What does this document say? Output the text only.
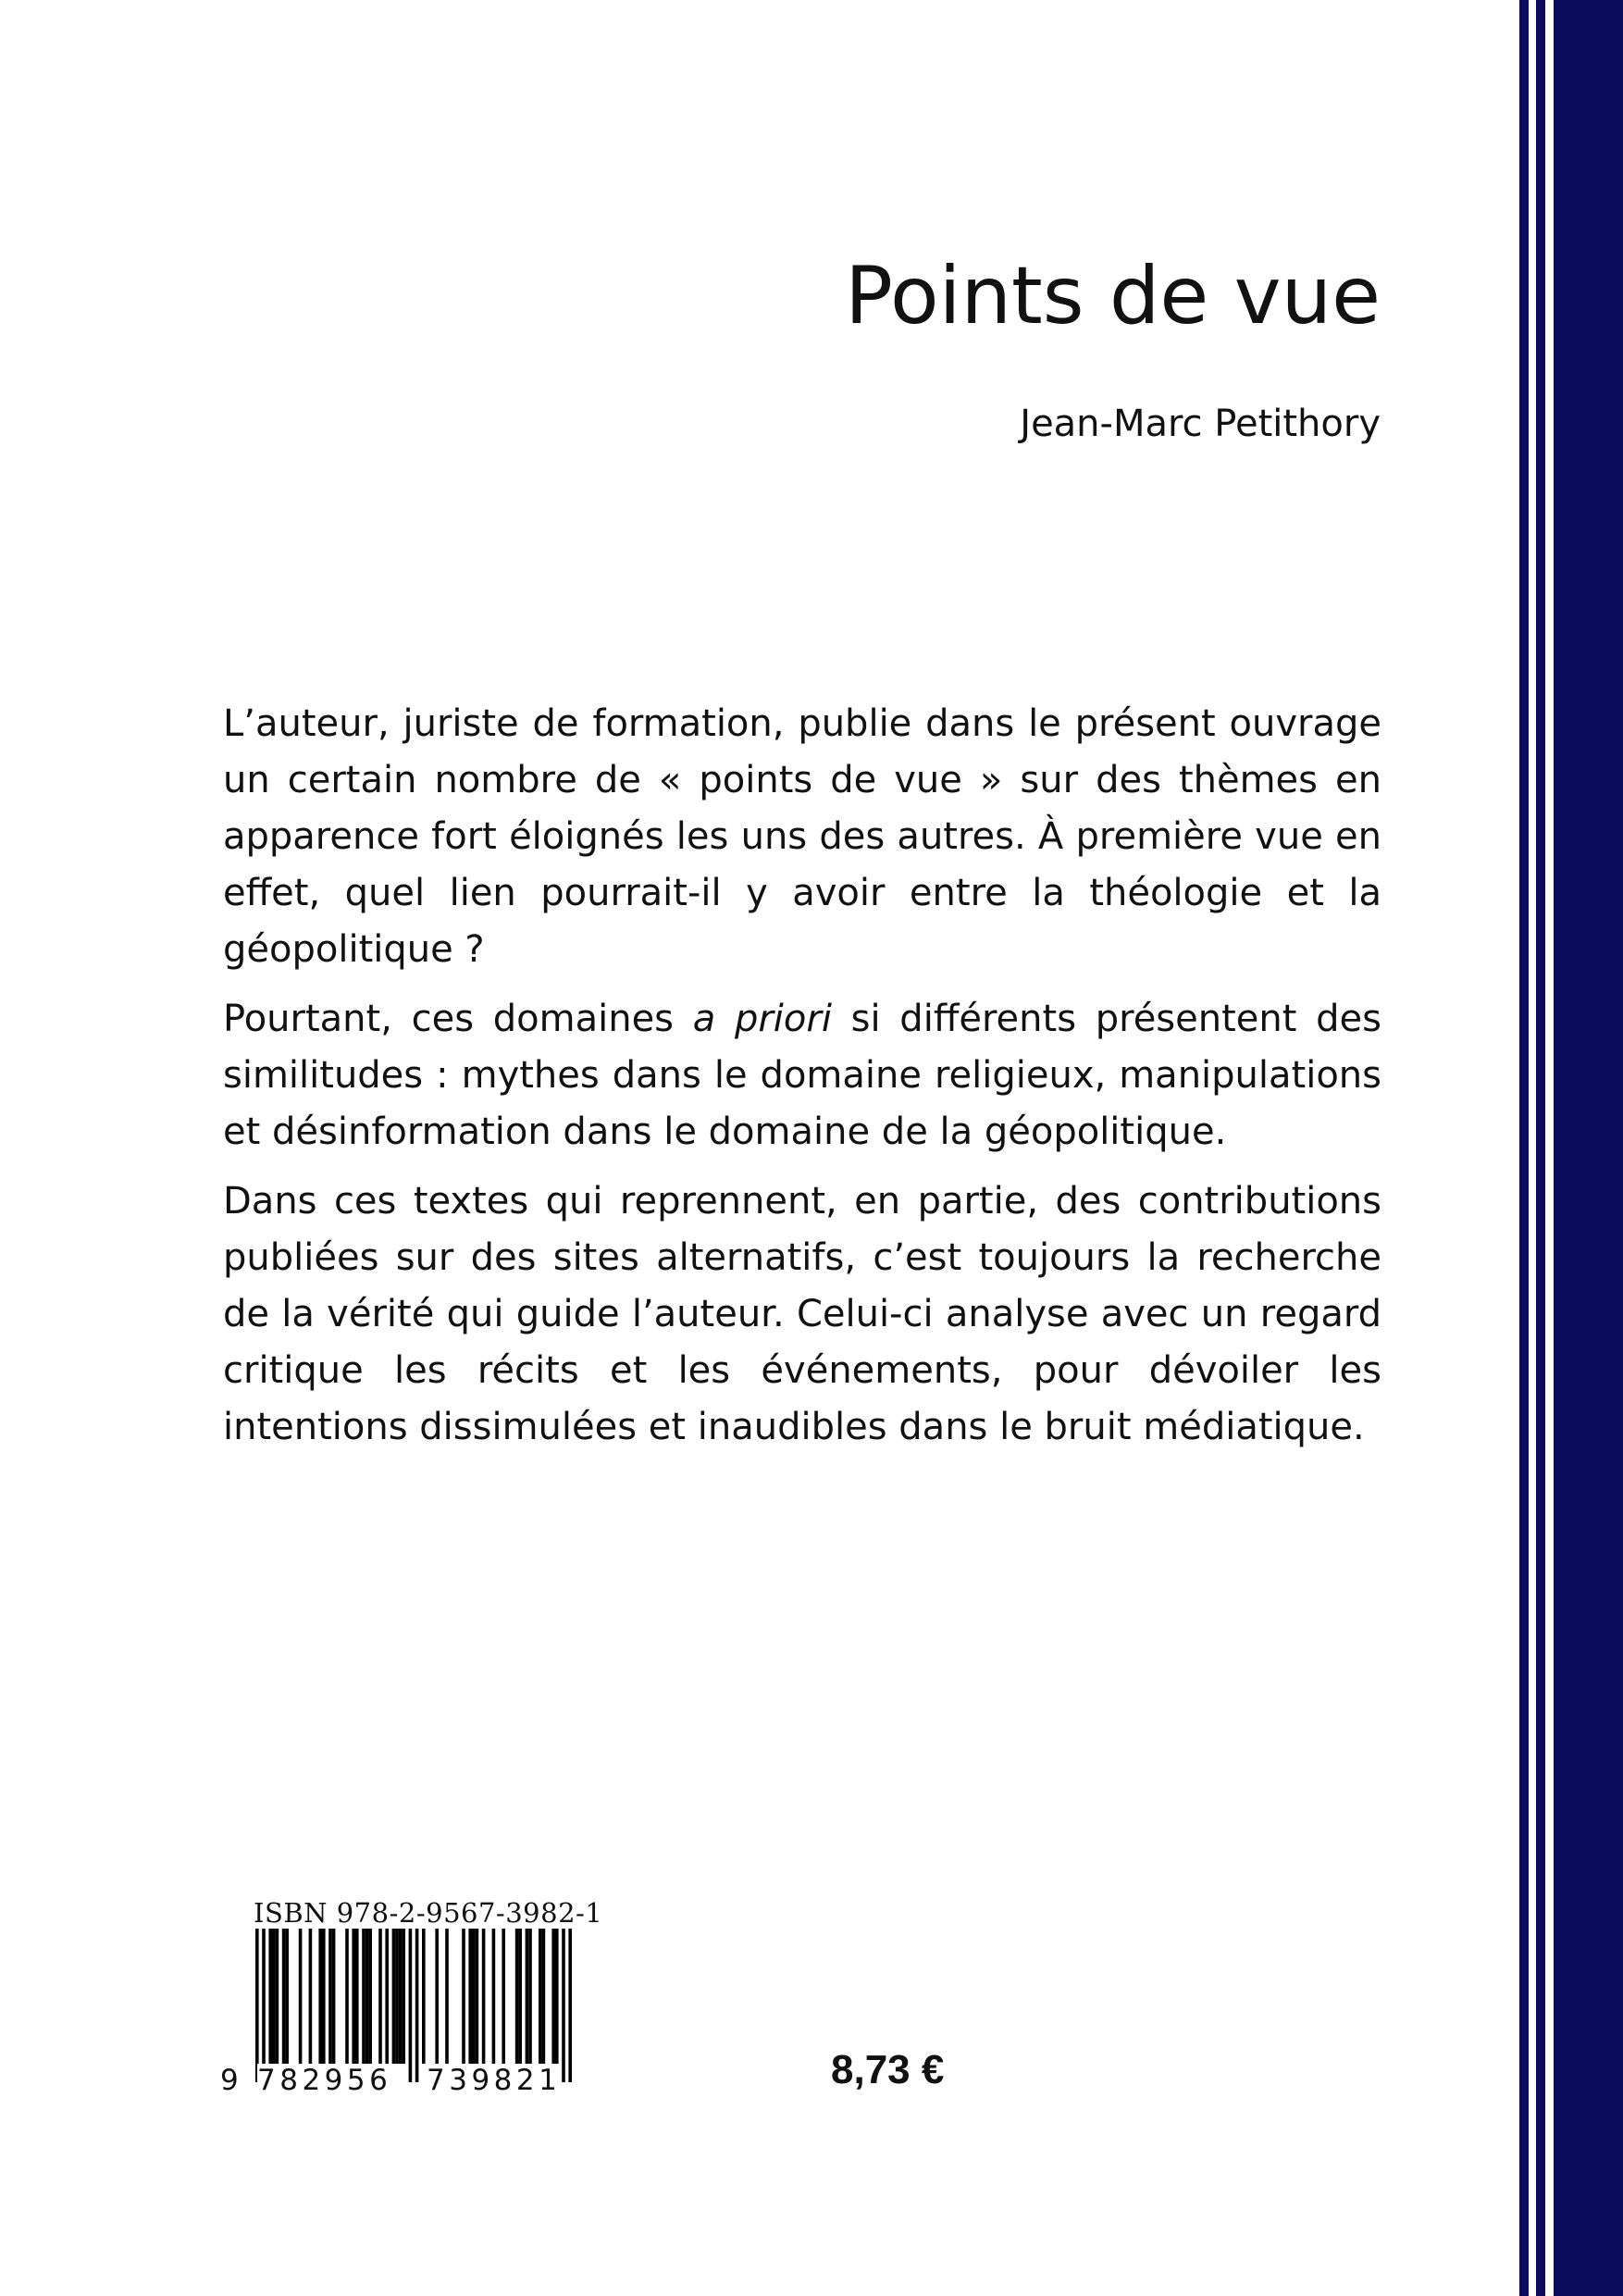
Points de vue
Jean-Marc Petithory

L’auteur, juriste de formation, publie dans le présent ouvrage un certain nombre de « points de vue » sur des thèmes en apparence fort éloignés les uns des autres. À première vue en effet, quel lien pourrait-il y avoir entre la théologie et la géopolitique ?

Pourtant, ces domaines a priori si différents présentent des similitudes : mythes dans le domaine religieux, manipulations et désinformation dans le domaine de la géopolitique.

Dans ces textes qui reprennent, en partie, des contributions publiées sur des sites alternatifs, c’est toujours la recherche de la vérité qui guide l’auteur. Celui-ci analyse avec un regard critique les récits et les événements, pour dévoiler les intentions dissimulées et inaudibles dans le bruit médiatique.

ISBN 978-2-9567-3982-1
9 782956 739821	8,73 €
